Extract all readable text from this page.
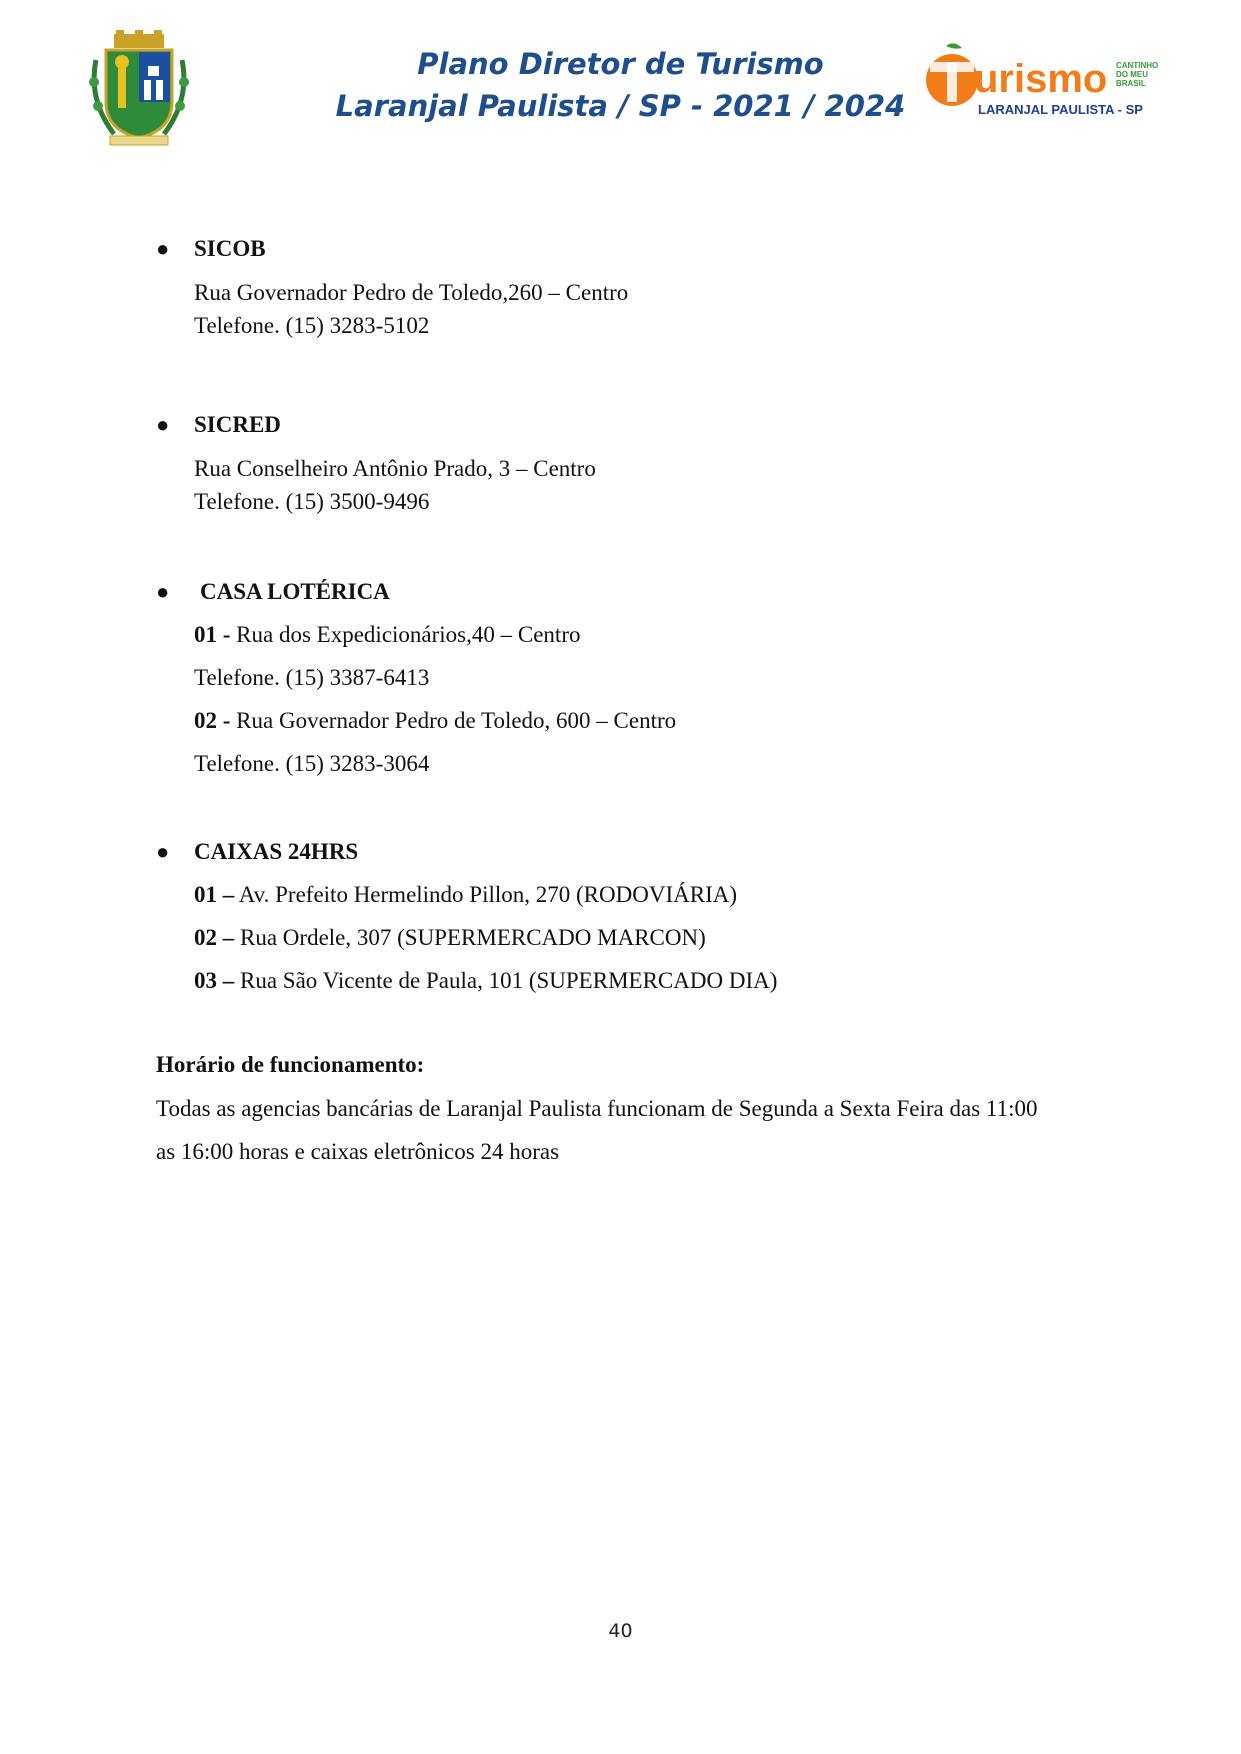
Plano Diretor de Turismo
Laranjal Paulista / SP - 2021 / 2024
urismo CANTINHO
DO MEU
BRASIL
LARANJAL PAULISTA - SP
● SICOB
Rua Governador Pedro de Toledo,260 – Centro
Telefone. (15) 3283-5102
● SICRED
Rua Conselheiro Antônio Prado, 3 – Centro
Telefone. (15) 3500-9496
● CASA LOTÉRICA
01 - Rua dos Expedicionários,40 – Centro
Telefone. (15) 3387-6413
02 - Rua Governador Pedro de Toledo, 600 – Centro
Telefone. (15) 3283-3064
● CAIXAS 24HRS
01 – Av. Prefeito Hermelindo Pillon, 270 (RODOVIÁRIA)
02 – Rua Ordele, 307 (SUPERMERCADO MARCON)
03 – Rua São Vicente de Paula, 101 (SUPERMERCADO DIA)
Horário de funcionamento:
Todas as agencias bancárias de Laranjal Paulista funcionam de Segunda a Sexta Feira das 11:00
as 16:00 horas e caixas eletrônicos 24 horas
40
